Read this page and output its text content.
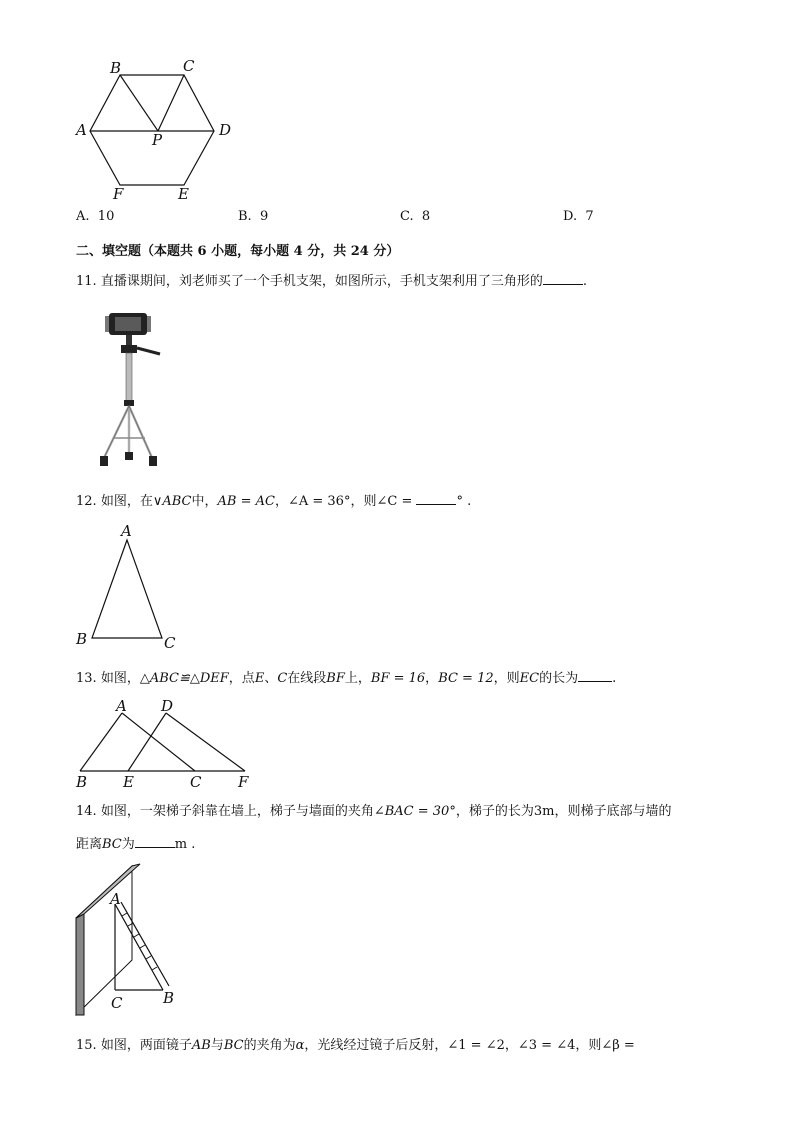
B	C
A
P
D
F	E
A. 10	B. 9	C. 8	D. 7
二、填空题（本题共 6 小题，每小题 4 分，共 24 分）
11. 直播课期间，刘老师买了一个手机支架，如图所示，手机支架利用了三角形的	.
12. 如图，在∨ABC中，AB = AC，∠A = 36°，则∠C =	° .
A
B	C
13. 如图，△ABC≌△DEF，点E、C在线段BF上，BF = 16，BC = 12，则EC的长为	.
A D
B E	C F
14. 如图，一架梯子斜靠在墙上，梯子与墙面的夹角∠BAC = 30°，梯子的长为3m，则梯子底部与墙的
距离BC为	m .
A
C	B
15. 如图，两面镜子AB与BC的夹角为α，光线经过镜子后反射，∠1 = ∠2，∠3 = ∠4，则∠β =
